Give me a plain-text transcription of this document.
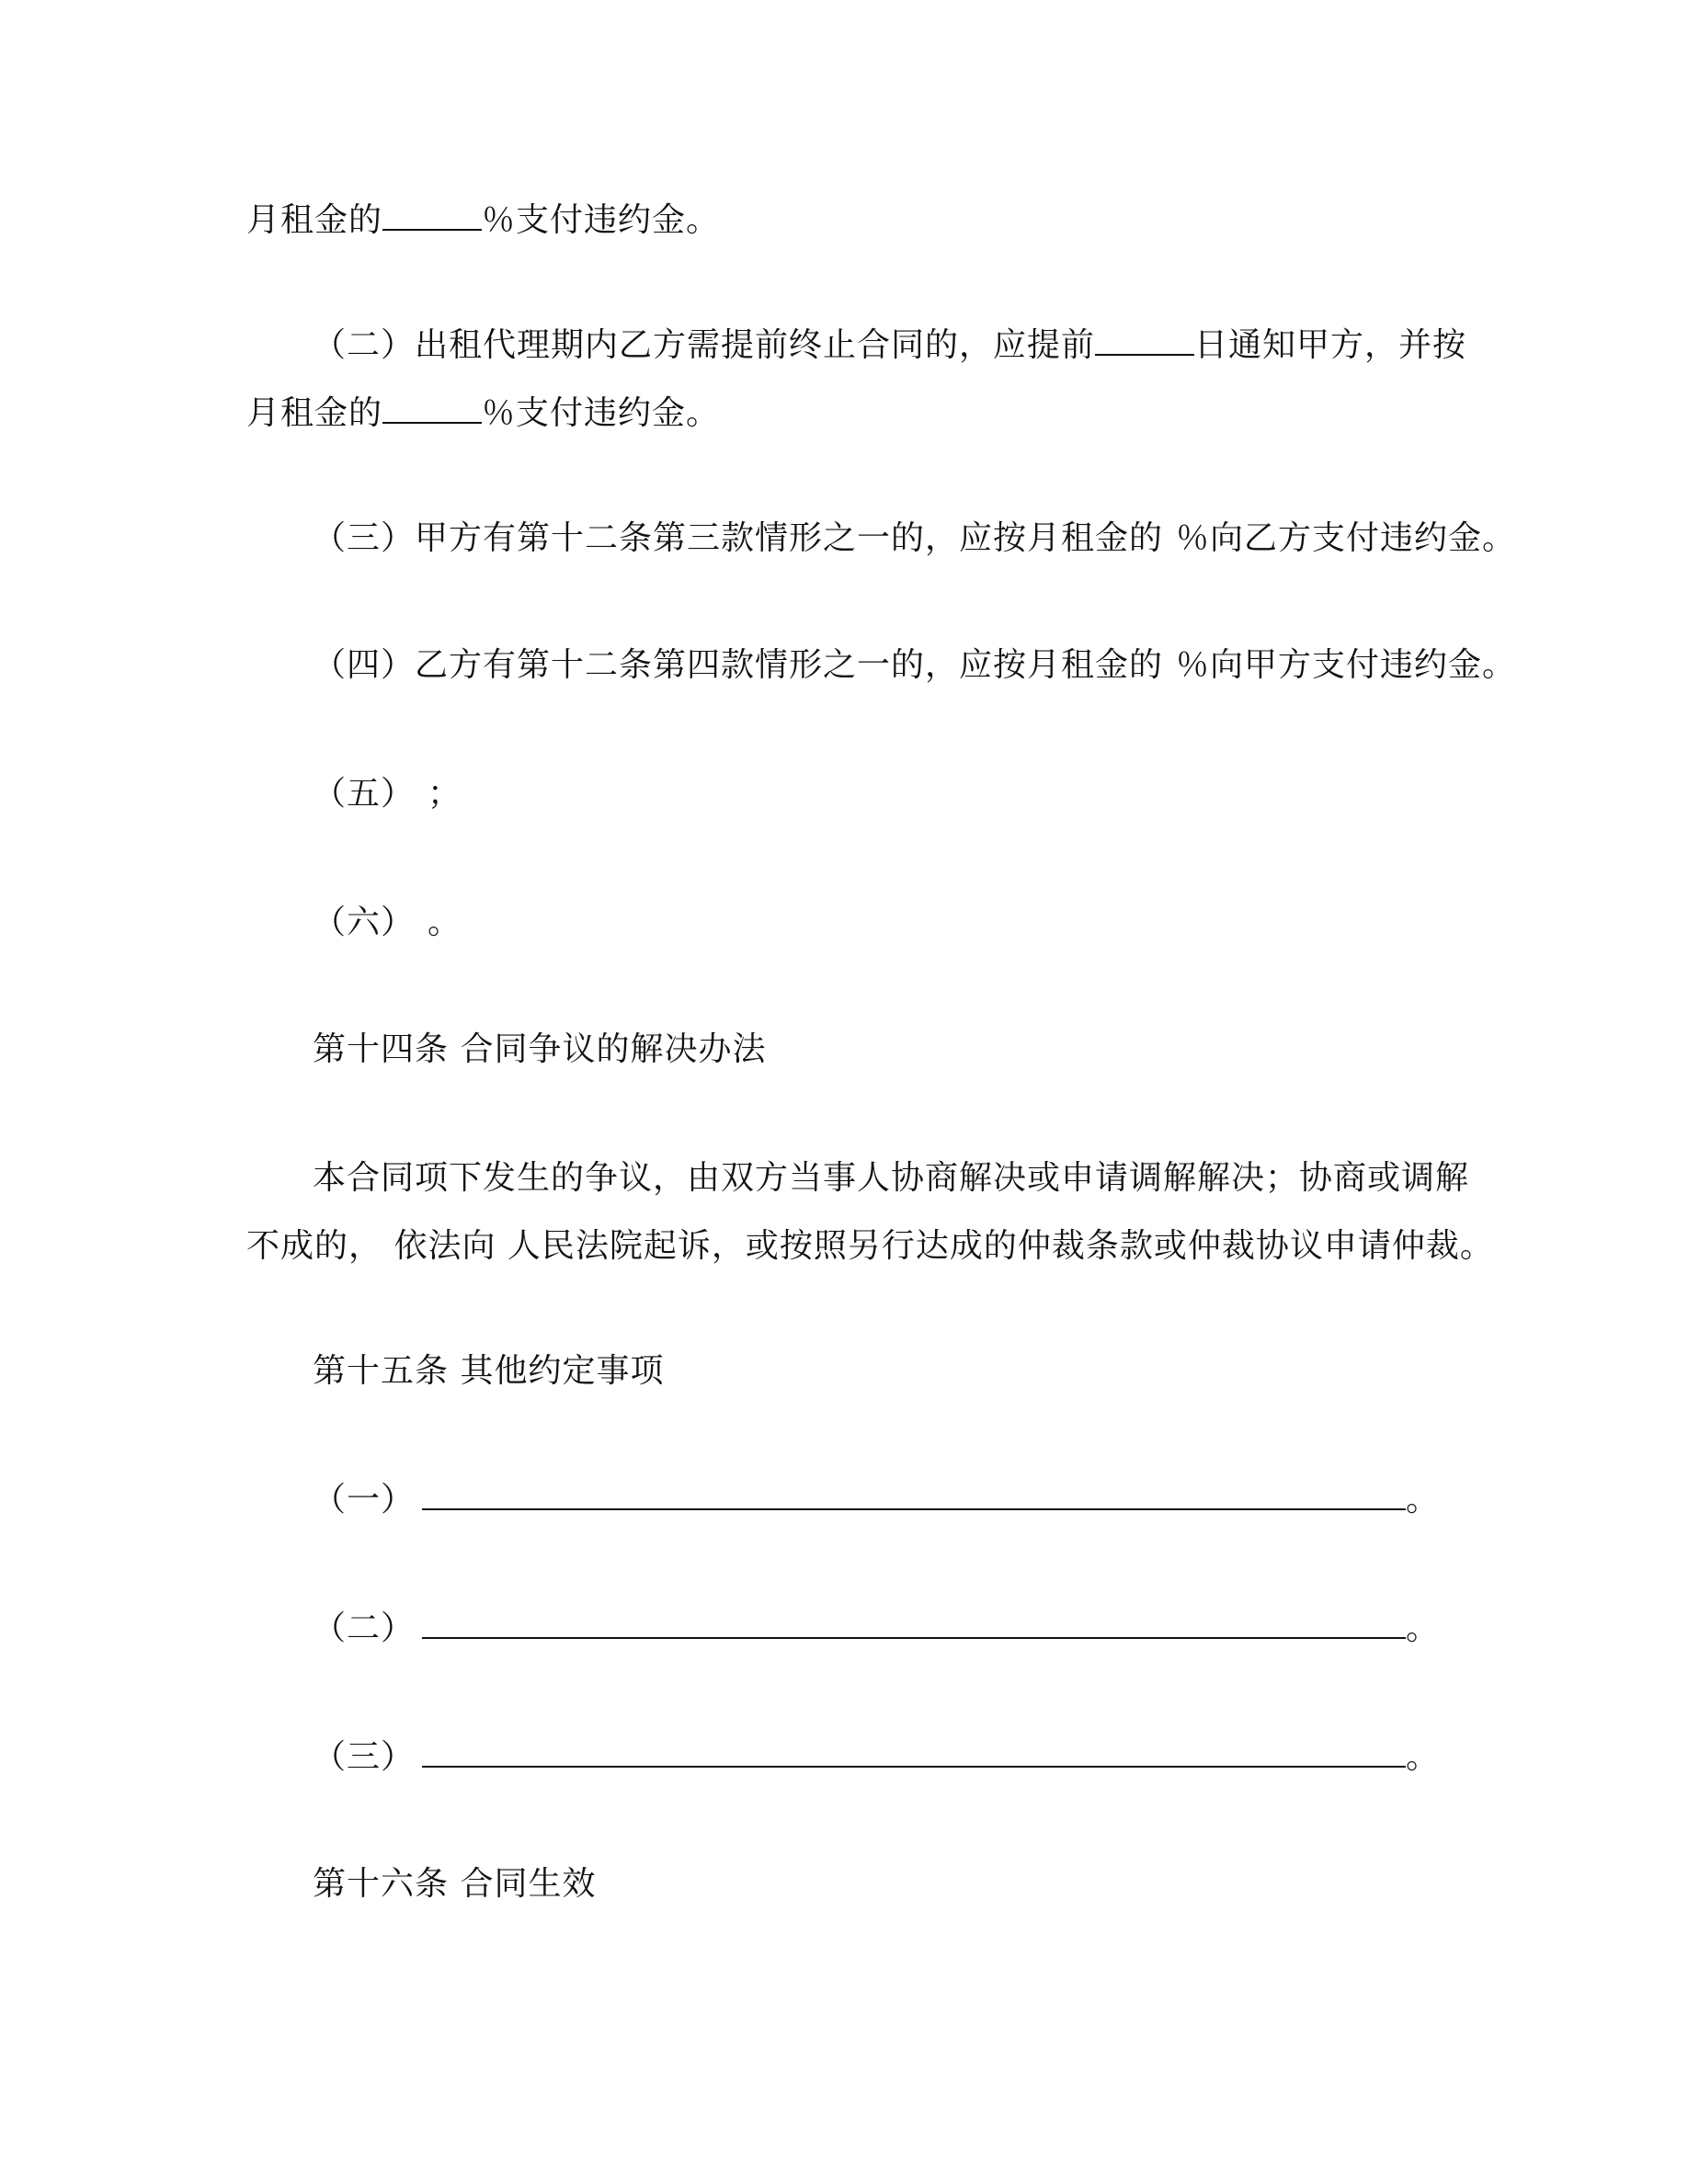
月租金的	％支付违约金。
（二）出租代理期内乙方需提前终止合同的，应提前	日通知甲方，并按
月租金的	％支付违约金。
（三）甲方有第十二条第三款情形之一的，应按月租金的 ％向乙方支付违约金。
（四）乙方有第十二条第四款情形之一的，应按月租金的 ％向甲方支付违约金。
（五） ；
（六） 。
第十四条 合同争议的解决办法
本合同项下发生的争议，由双方当事人协商解决或申请调解解决；协商或调解
不成的， 依法向 人民法院起诉，或按照另行达成的仲裁条款或仲裁协议申请仲裁。
第十五条 其他约定事项
（一）	。
（二）	。
（三）	。
第十六条 合同生效
